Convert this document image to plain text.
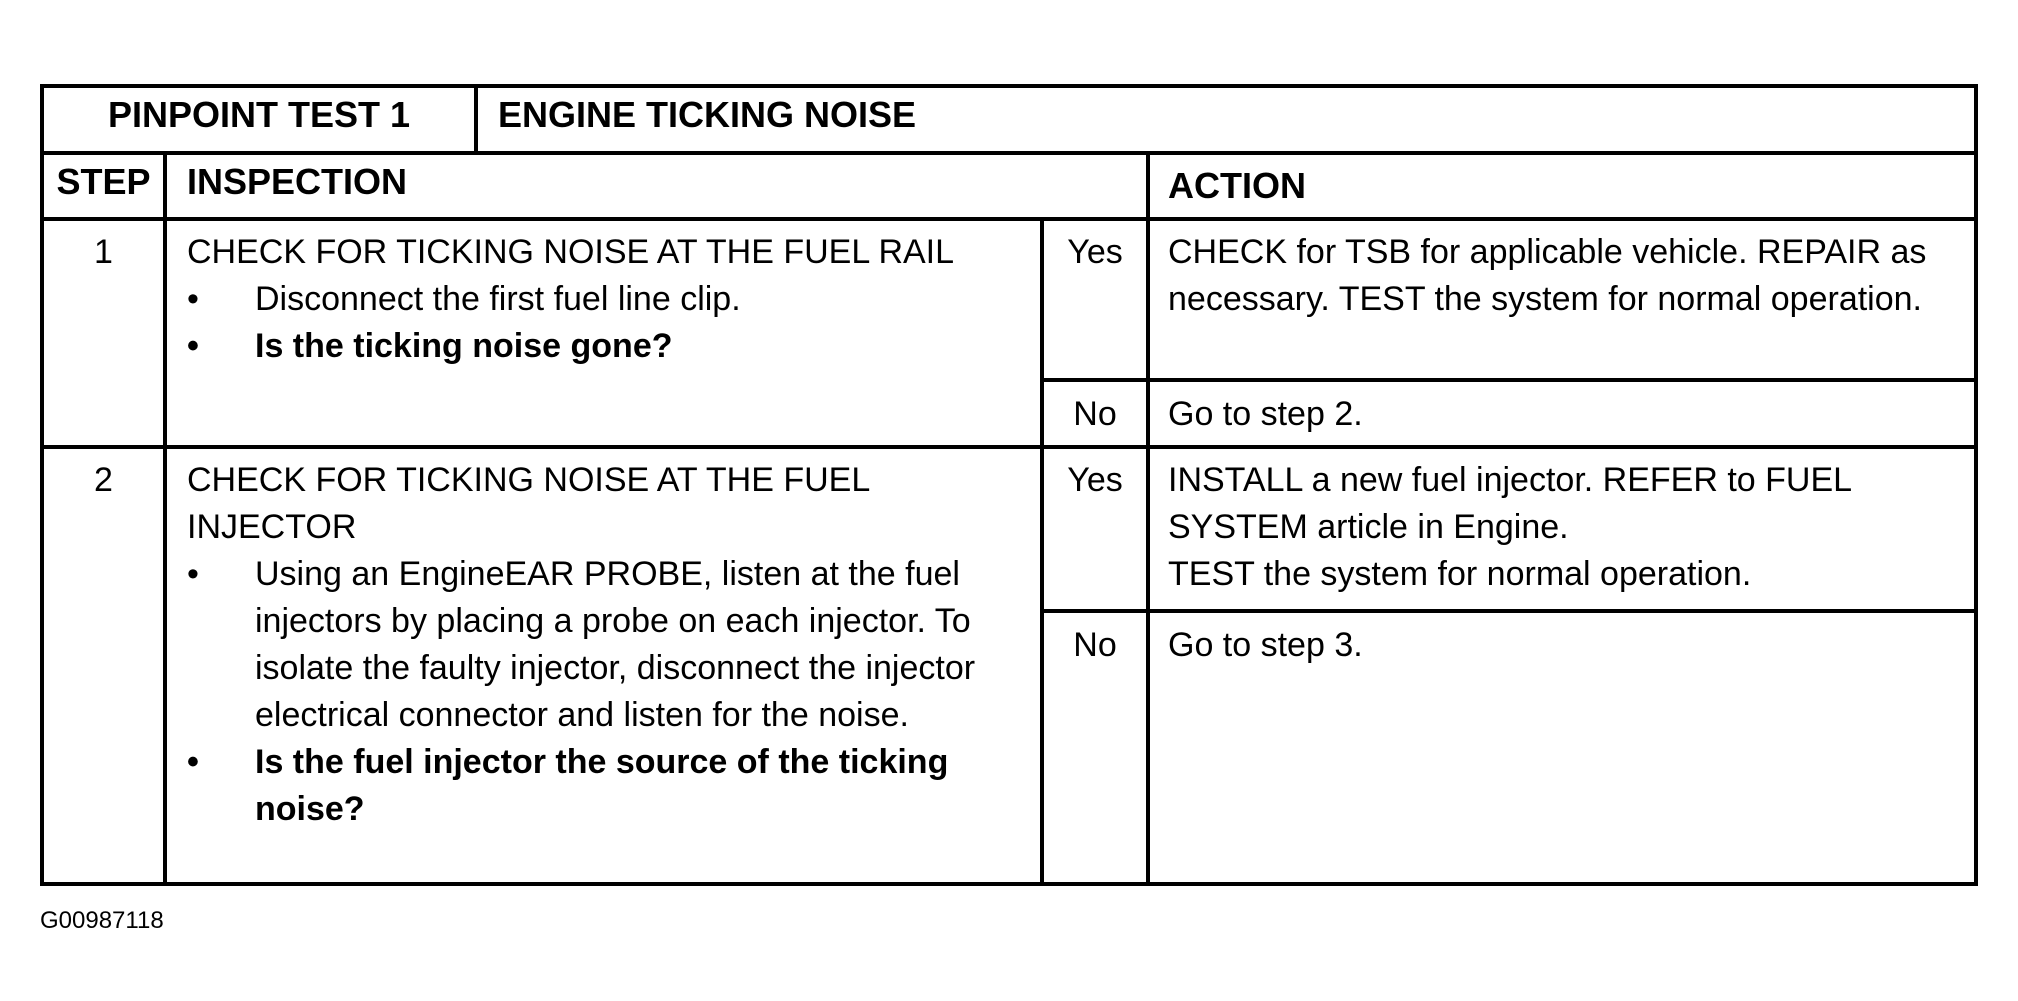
PINPOINT TEST 1	ENGINE TICKING NOISE
STEP	INSPECTION	ACTION
1	CHECK FOR TICKING NOISE AT THE FUEL RAIL
• Disconnect the first fuel line clip.
• Is the ticking noise gone?
Yes	CHECK for TSB for applicable vehicle. REPAIR as necessary. TEST the system for normal operation.
No	Go to step 2.
2	CHECK FOR TICKING NOISE AT THE FUEL INJECTOR
• Using an EngineEAR PROBE, listen at the fuel injectors by placing a probe on each injector. To isolate the faulty injector, disconnect the injector electrical connector and listen for the noise.
• Is the fuel injector the source of the ticking noise?
Yes	INSTALL a new fuel injector. REFER to FUEL SYSTEM article in Engine.
TEST the system for normal operation.
No	Go to step 3.
G00987118
